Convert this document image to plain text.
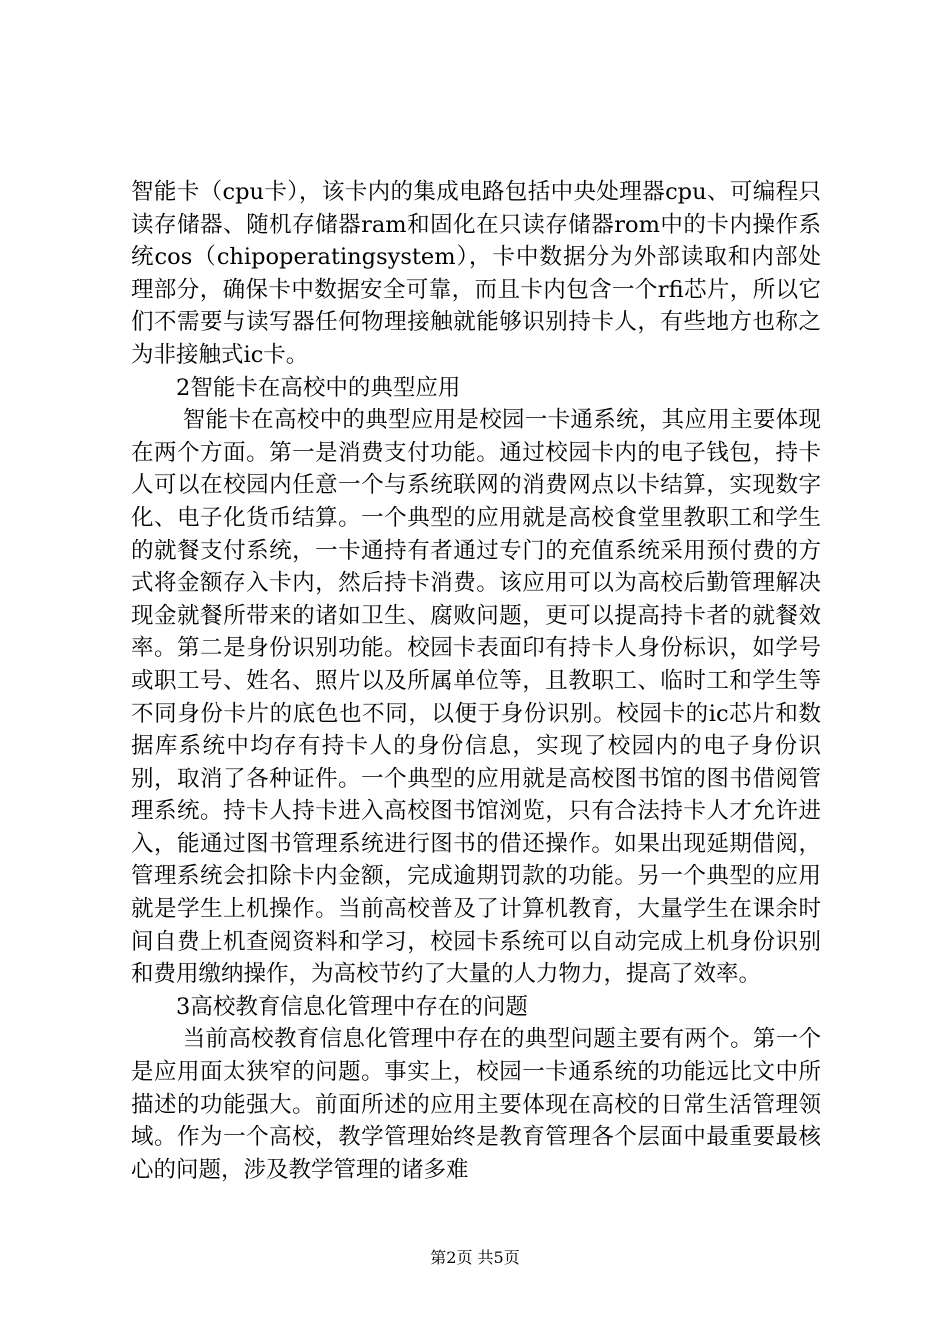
智能卡（cpu卡），该卡内的集成电路包括中央处理器cpu、可编程只读存储器、随机存储器ram和固化在只读存储器rom中的卡内操作系统cos（chipoperatingsystem），卡中数据分为外部读取和内部处理部分，确保卡中数据安全可靠，而且卡内包含一个rfi芯片，所以它们不需要与读写器任何物理接触就能够识别持卡人，有些地方也称之为非接触式ic卡。

2智能卡在高校中的典型应用

智能卡在高校中的典型应用是校园一卡通系统，其应用主要体现在两个方面。第一是消费支付功能。通过校园卡内的电子钱包，持卡人可以在校园内任意一个与系统联网的消费网点以卡结算，实现数字化、电子化货币结算。一个典型的应用就是高校食堂里教职工和学生的就餐支付系统，一卡通持有者通过专门的充值系统采用预付费的方式将金额存入卡内，然后持卡消费。该应用可以为高校后勤管理解决现金就餐所带来的诸如卫生、腐败问题，更可以提高持卡者的就餐效率。第二是身份识别功能。校园卡表面印有持卡人身份标识，如学号或职工号、姓名、照片以及所属单位等，且教职工、临时工和学生等不同身份卡片的底色也不同，以便于身份识别。校园卡的ic芯片和数据库系统中均存有持卡人的身份信息，实现了校园内的电子身份识别，取消了各种证件。一个典型的应用就是高校图书馆的图书借阅管理系统。持卡人持卡进入高校图书馆浏览，只有合法持卡人才允许进入，能通过图书管理系统进行图书的借还操作。如果出现延期借阅，管理系统会扣除卡内金额，完成逾期罚款的功能。另一个典型的应用就是学生上机操作。当前高校普及了计算机教育，大量学生在课余时间自费上机查阅资料和学习，校园卡系统可以自动完成上机身份识别和费用缴纳操作，为高校节约了大量的人力物力，提高了效率。

3高校教育信息化管理中存在的问题

当前高校教育信息化管理中存在的典型问题主要有两个。第一个是应用面太狭窄的问题。事实上，校园一卡通系统的功能远比文中所描述的功能强大。前面所述的应用主要体现在高校的日常生活管理领域。作为一个高校，教学管理始终是教育管理各个层面中最重要最核心的问题，涉及教学管理的诸多难

第2页 共5页
